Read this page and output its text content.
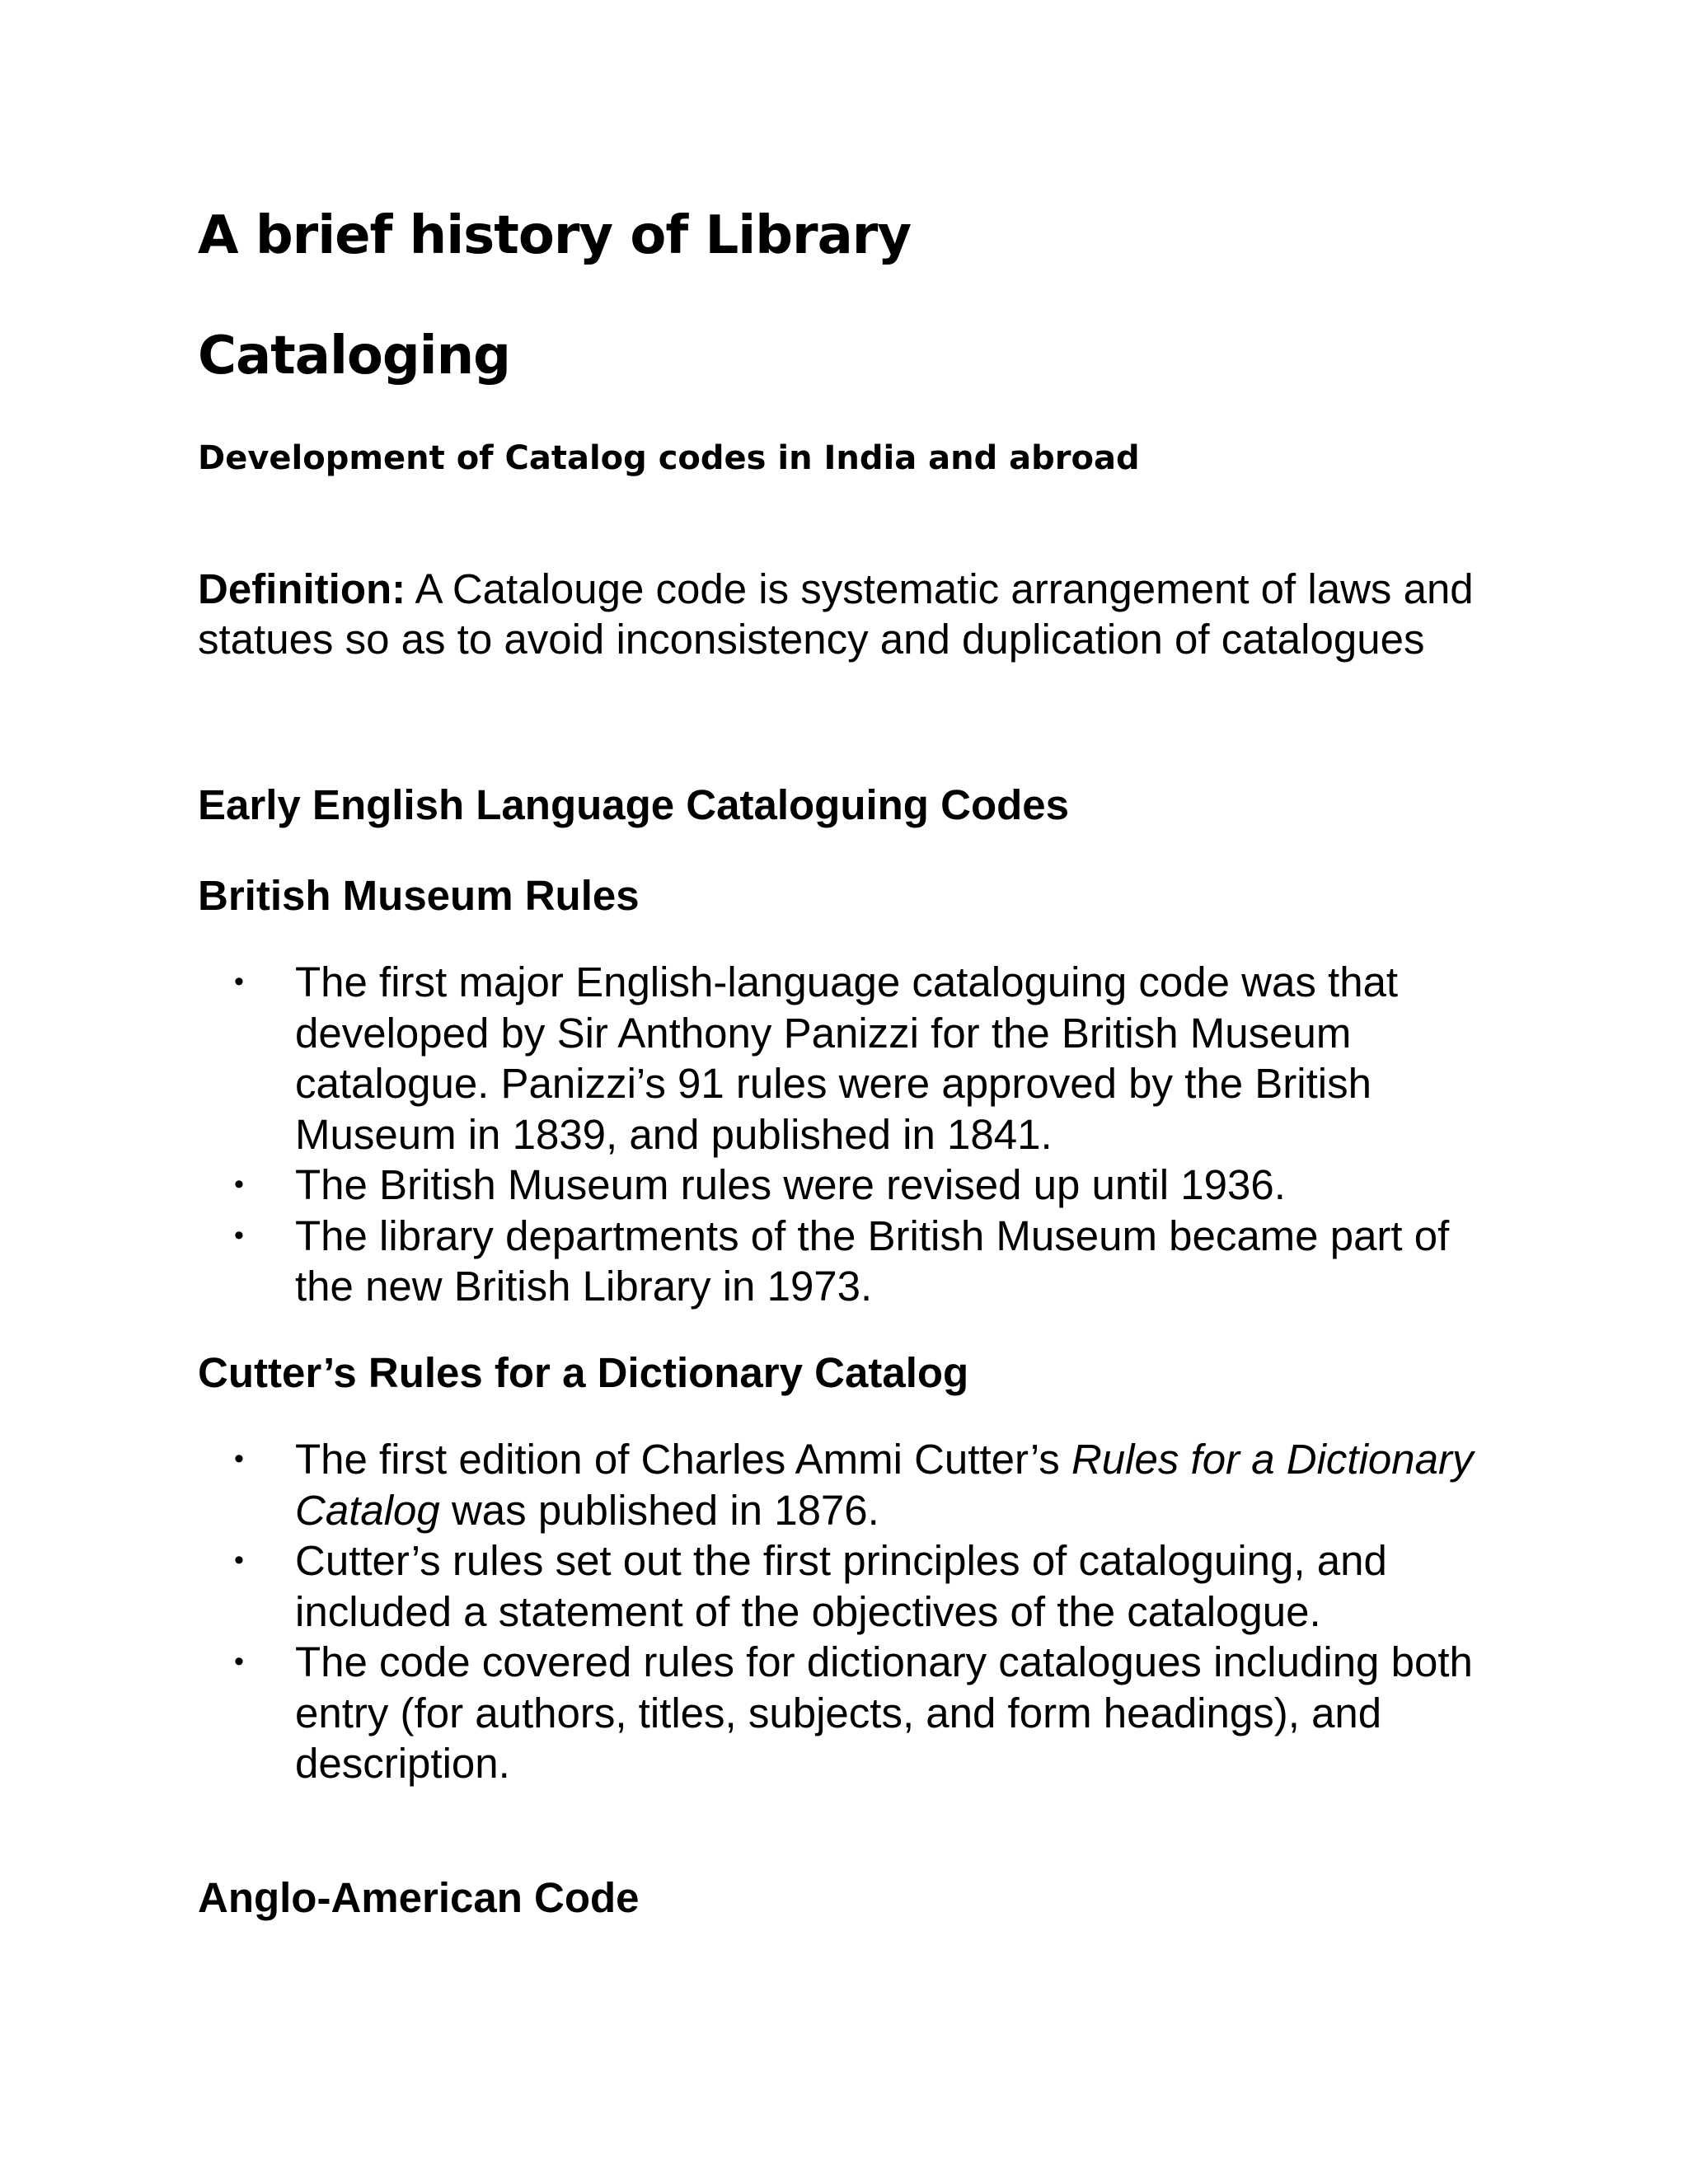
A brief history of Library
Cataloging
Development of Catalog codes in India and abroad

Definition: A Catalouge code is systematic arrangement of laws and statues so as to avoid inconsistency and duplication of catalogues

Early English Language Cataloguing Codes
British Museum Rules
• The first major English-language cataloguing code was that developed by Sir Anthony Panizzi for the British Museum catalogue. Panizzi’s 91 rules were approved by the British Museum in 1839, and published in 1841.
• The British Museum rules were revised up until 1936.
• The library departments of the British Museum became part of the new British Library in 1973.
Cutter’s Rules for a Dictionary Catalog
• The first edition of Charles Ammi Cutter’s Rules for a Dictionary Catalog was published in 1876.
• Cutter’s rules set out the first principles of cataloguing, and included a statement of the objectives of the catalogue.
• The code covered rules for dictionary catalogues including both entry (for authors, titles, subjects, and form headings), and description.
Anglo-American Code
